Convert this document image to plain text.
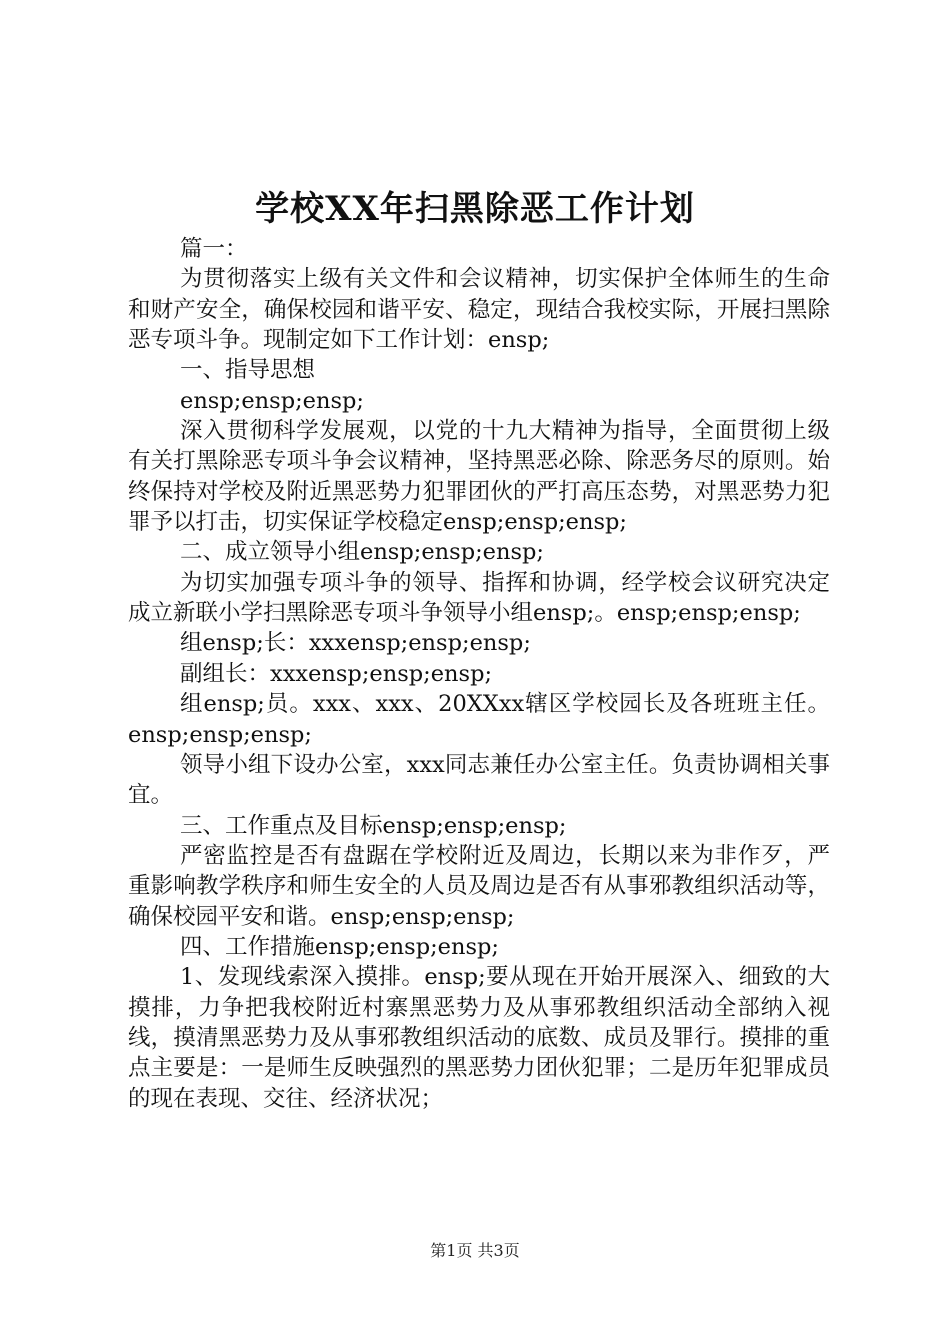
学校XX年扫黑除恶工作计划

篇一：

为贯彻落实上级有关文件和会议精神，切实保护全体师生的生命和财产安全，确保校园和谐平安、稳定，现结合我校实际，开展扫黑除恶专项斗争。现制定如下工作计划：ensp;

一、指导思想

ensp;ensp;ensp;

深入贯彻科学发展观，以党的十九大精神为指导，全面贯彻上级有关打黑除恶专项斗争会议精神，坚持黑恶必除、除恶务尽的原则。始终保持对学校及附近黑恶势力犯罪团伙的严打高压态势，对黑恶势力犯罪予以打击，切实保证学校稳定ensp;ensp;ensp;

二、成立领导小组ensp;ensp;ensp;

为切实加强专项斗争的领导、指挥和协调，经学校会议研究决定成立新联小学扫黑除恶专项斗争领导小组ensp;。ensp;ensp;ensp;

组ensp;长：xxxensp;ensp;ensp;

副组长：xxxensp;ensp;ensp;

组ensp;员。xxx、xxx、20XXxx辖区学校园长及各班班主任。ensp;ensp;ensp;

领导小组下设办公室，xxx同志兼任办公室主任。负责协调相关事宜。

三、工作重点及目标ensp;ensp;ensp;

严密监控是否有盘踞在学校附近及周边，长期以来为非作歹，严重影响教学秩序和师生安全的人员及周边是否有从事邪教组织活动等，确保校园平安和谐。ensp;ensp;ensp;

四、工作措施ensp;ensp;ensp;

1、发现线索深入摸排。ensp;要从现在开始开展深入、细致的大摸排，力争把我校附近村寨黑恶势力及从事邪教组织活动全部纳入视线，摸清黑恶势力及从事邪教组织活动的底数、成员及罪行。摸排的重点主要是：一是师生反映强烈的黑恶势力团伙犯罪；二是历年犯罪成员的现在表现、交往、经济状况；

第1页 共3页
